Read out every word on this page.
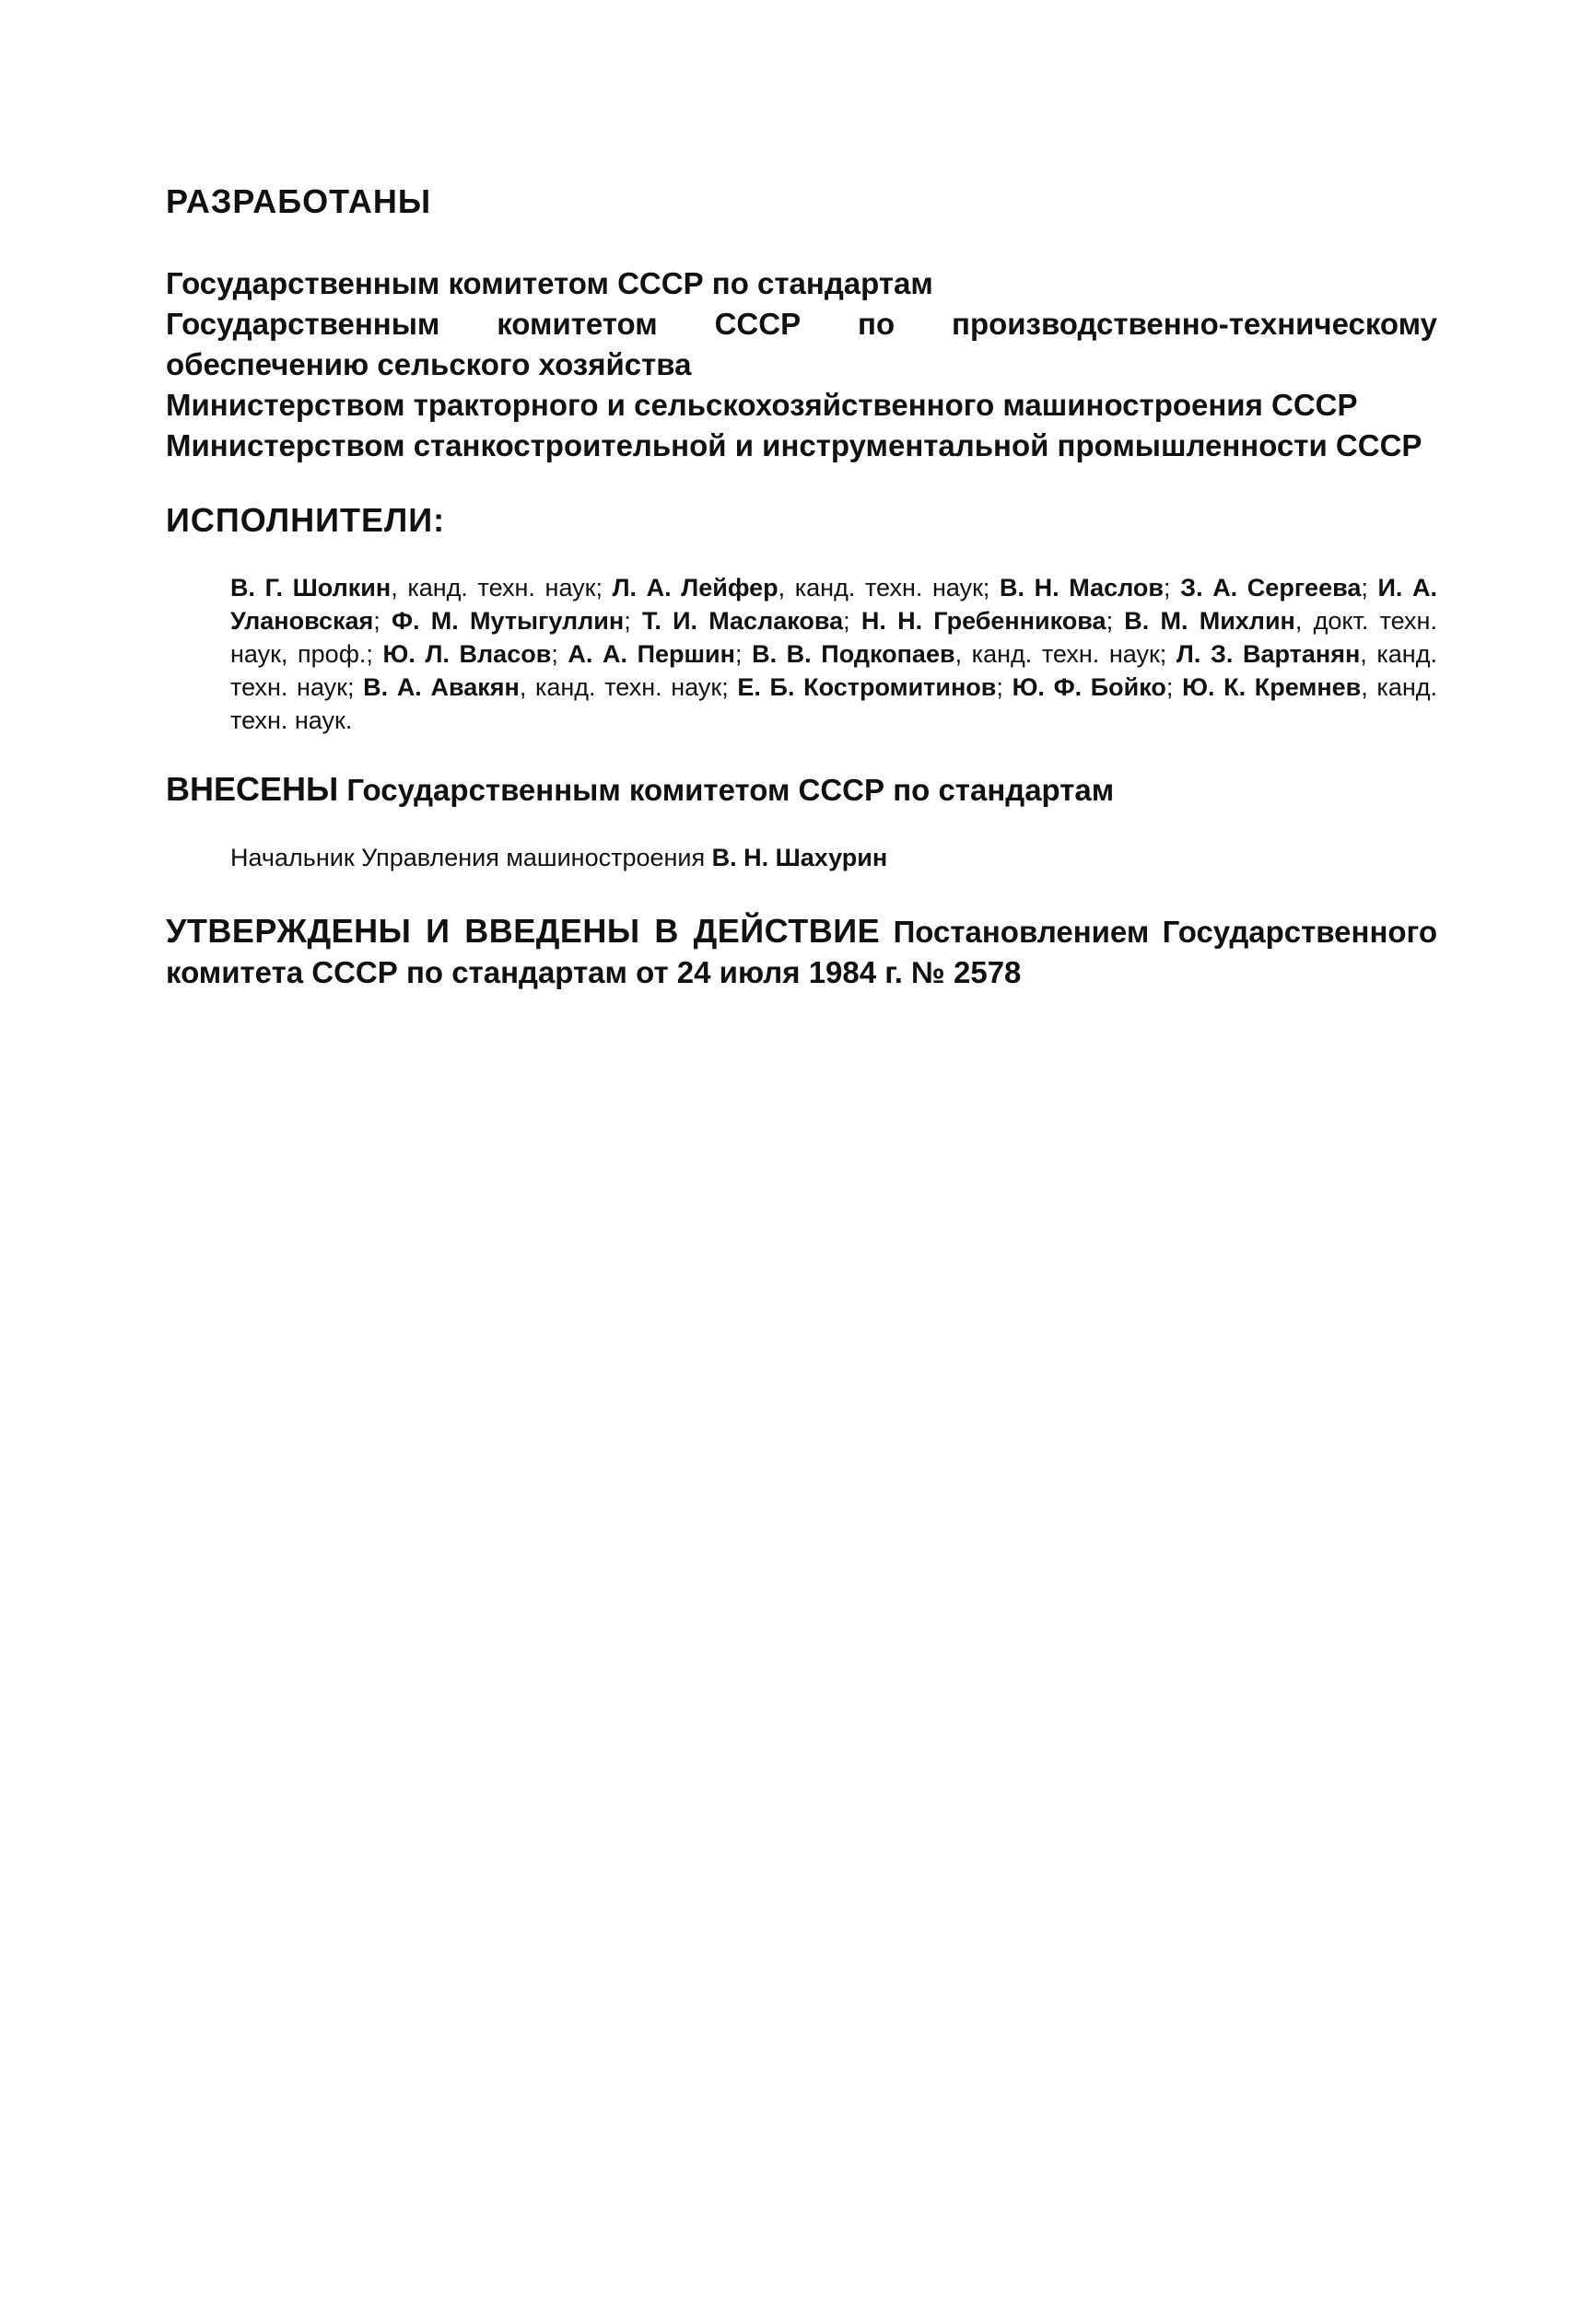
РАЗРАБОТАНЫ
Государственным комитетом СССР по стандартам
Государственным комитетом СССР по производственно-техническому обеспечению сельского хозяйства
Министерством тракторного и сельскохозяйственного машиностроения СССР
Министерством станкостроительной и инструментальной промышленности СССР
ИСПОЛНИТЕЛИ:

В. Г. Шолкин, канд. техн. наук; Л. А. Лейфер, канд. техн. наук; В. Н. Маслов; З. А. Сергеева; И. А. Улановская; Ф. М. Мутыгуллин; Т. И. Маслакова; Н. Н. Гребенникова; В. М. Михлин, докт. техн. наук, проф.; Ю. Л. Власов; А. А. Першин; В. В. Подкопаев, канд. техн. наук; Л. З. Вартанян, канд. техн. наук; В. А. Авакян, канд. техн. наук; Е. Б. Костромитинов; Ю. Ф. Бойко; Ю. К. Кремнев, канд. техн. наук.

ВНЕСЕНЫ Государственным комитетом СССР по стандартам
Начальник Управления машиностроения В. Н. Шахурин
УТВЕРЖДЕНЫ И ВВЕДЕНЫ В ДЕЙСТВИЕ Постановлением Государственного комитета СССР по стандартам от 24 июля 1984 г. № 2578
